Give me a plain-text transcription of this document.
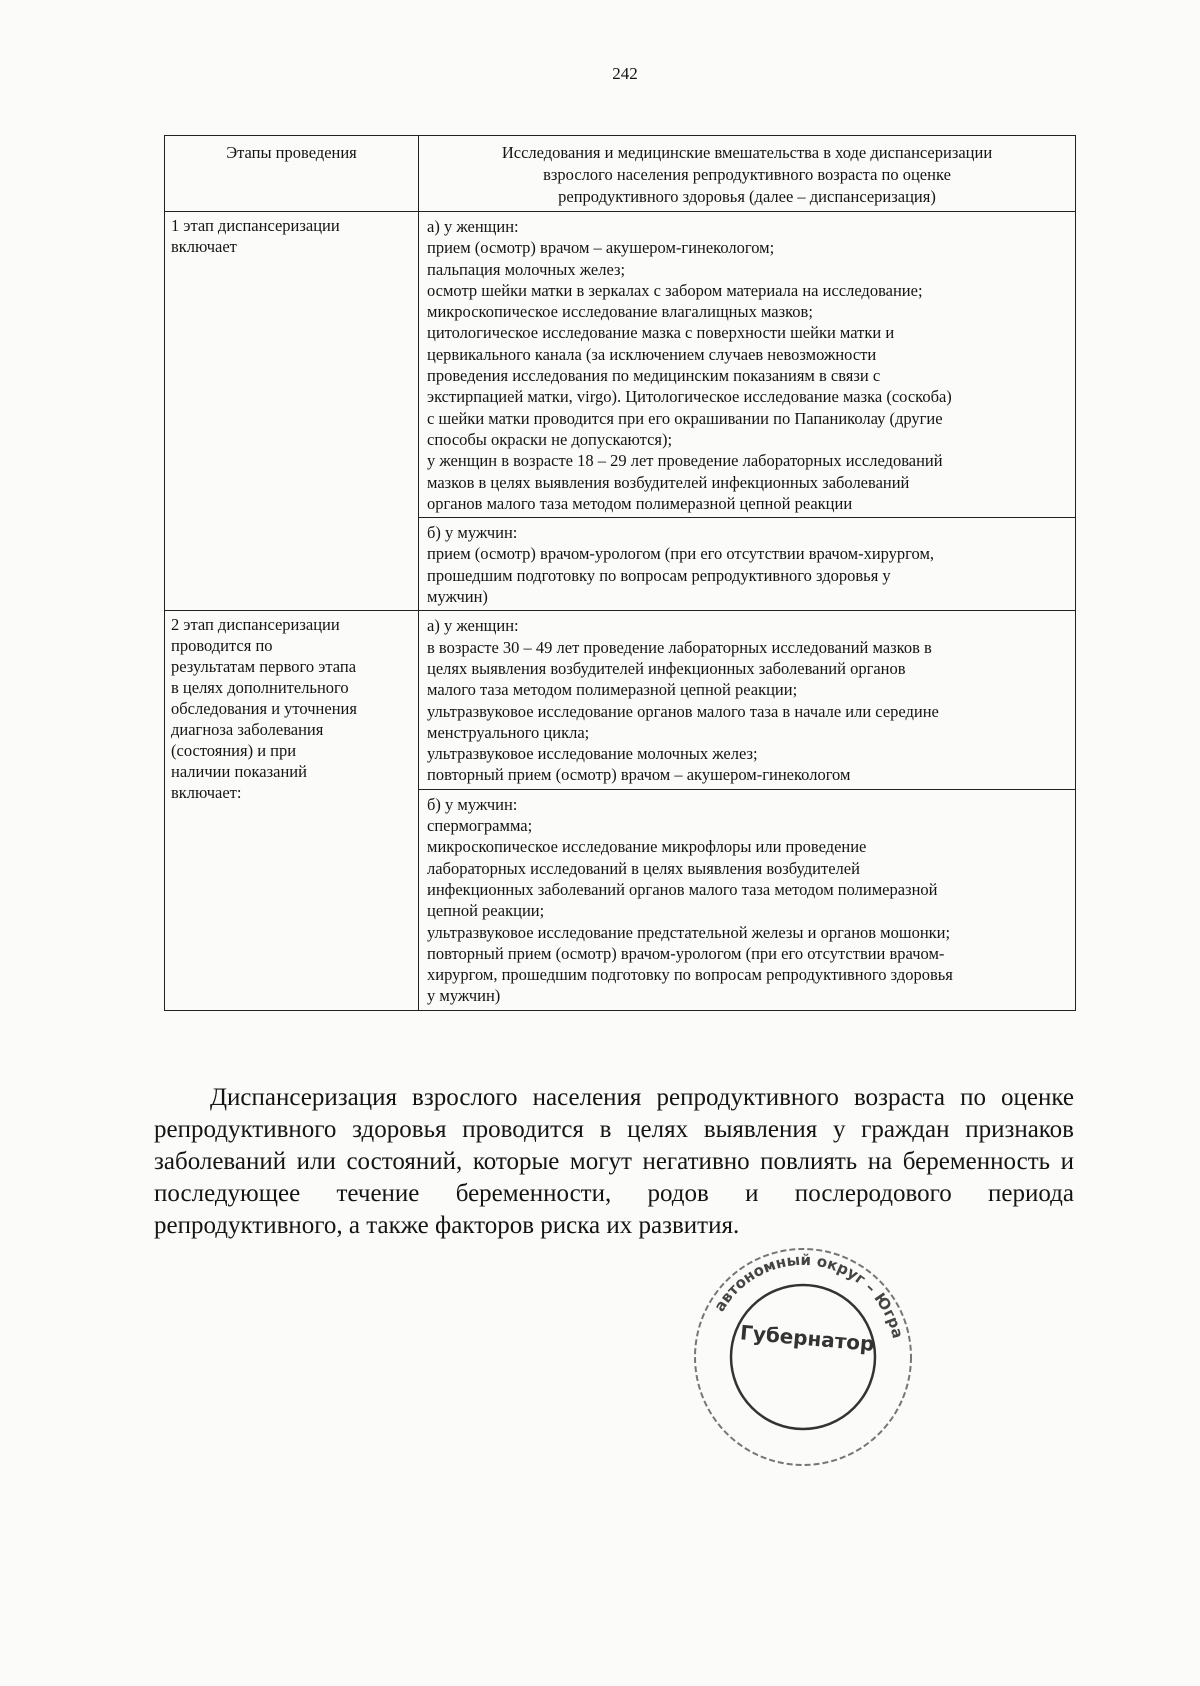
242
Этапы проведения	Исследования и медицинские вмешательства в ходе диспансеризации
взрослого населения репродуктивного возраста по оценке
репродуктивного здоровья (далее – диспансеризация)
1 этап диспансеризации
включает
а) у женщин:
прием (осмотр) врачом – акушером-гинекологом;
пальпация молочных желез;
осмотр шейки матки в зеркалах с забором материала на исследование;
микроскопическое исследование влагалищных мазков;
цитологическое исследование мазка с поверхности шейки матки и
цервикального канала (за исключением случаев невозможности
проведения исследования по медицинским показаниям в связи с
экстирпацией матки, virgo). Цитологическое исследование мазка (соскоба)
с шейки матки проводится при его окрашивании по Папаниколау (другие
способы окраски не допускаются);
у женщин в возрасте 18 – 29 лет проведение лабораторных исследований
мазков в целях выявления возбудителей инфекционных заболеваний
органов малого таза методом полимеразной цепной реакции
б) у мужчин:
прием (осмотр) врачом-урологом (при его отсутствии врачом-хирургом,
прошедшим подготовку по вопросам репродуктивного здоровья у
мужчин)
2 этап диспансеризации
проводится по
результатам первого этапа
в целях дополнительного
обследования и уточнения
диагноза заболевания
(состояния) и при
наличии показаний
включает:
а) у женщин:
в возрасте 30 – 49 лет проведение лабораторных исследований мазков в
целях выявления возбудителей инфекционных заболеваний органов
малого таза методом полимеразной цепной реакции;
ультразвуковое исследование органов малого таза в начале или середине
менструального цикла;
ультразвуковое исследование молочных желез;
повторный прием (осмотр) врачом – акушером-гинекологом
б) у мужчин:
спермограмма;
микроскопическое исследование микрофлоры или проведение
лабораторных исследований в целях выявления возбудителей
инфекционных заболеваний органов малого таза методом полимеразной
цепной реакции;
ультразвуковое исследование предстательной железы и органов мошонки;
повторный прием (осмотр) врачом-урологом (при его отсутствии врачом-
хирургом, прошедшим подготовку по вопросам репродуктивного здоровья
у мужчин)
Диспансеризация взрослого населения репродуктивного возраста по оценке репродуктивного здоровья проводится в целях выявления у граждан признаков заболеваний или состояний, которые могут негативно повлиять на беременность и последующее течение беременности, родов и послеродового периода репродуктивного, а также факторов риска их развития.
автономный округ – Югра
Губернатор
